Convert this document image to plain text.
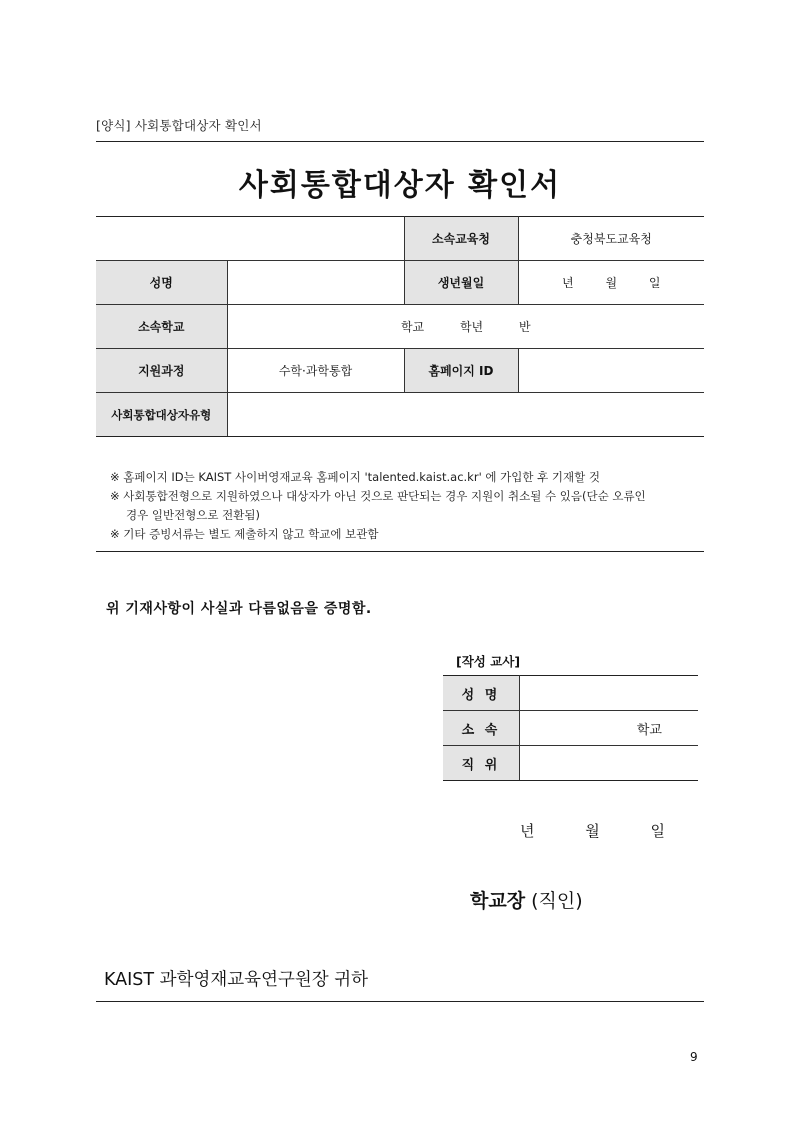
[양식] 사회통합대상자 확인서
사회통합대상자 확인서
		소속교육청	충청북도교육청
성명		생년월일	년 월 일
소속학교	학교 학년 반		
지원과정	수학·과학통합	홈페이지 ID	
사회통합대상자유형			
※ 홈페이지 ID는 KAIST 사이버영재교육 홈페이지 'talented.kaist.ac.kr' 에 가입한 후 기재할 것
※ 사회통합전형으로 지원하였으나 대상자가 아닌 것으로 판단되는 경우 지원이 취소될 수 있음(단순 오류인
경우 일반전형으로 전환됨)
※ 기타 증빙서류는 별도 제출하지 않고 학교에 보관함
위 기재사항이 사실과 다름없음을 증명함.
[작성 교사]
성 명	
소 속	학교
직 위	
년	월	일
학교장 (직인)
KAIST 과학영재교육연구원장 귀하
9
